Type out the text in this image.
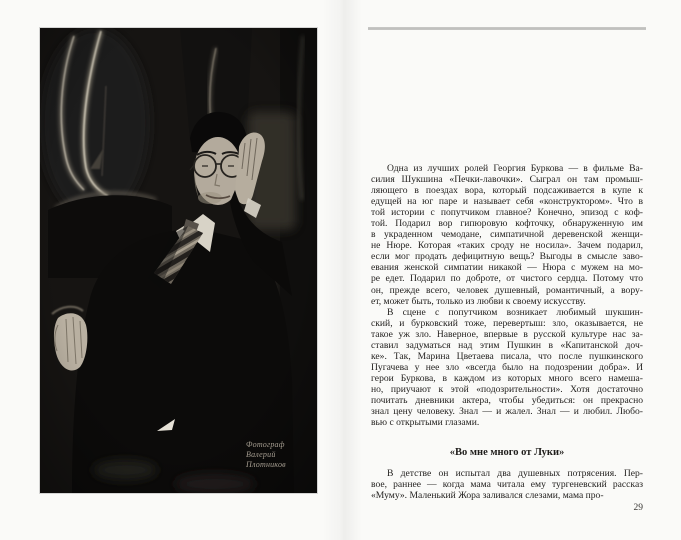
Фотограф
Валерий
Плотников
Одна из лучших ролей Георгия Буркова — в фильме Ва-
силия Шукшина «Печки-лавочки». Сыграл он там промыш-
ляющего в поездах вора, который подсаживается в купе к
едущей на юг паре и называет себя «конструктором». Что в
той истории с попутчиком главное? Конечно, эпизод с коф-
той. Подарил вор гипюровую кофточку, обнаруженную им
в украденном чемодане, симпатичной деревенской женщи-
не Нюре. Которая «таких сроду не носила». Зачем подарил,
если мог продать дефицитную вещь? Выгоды в смысле заво-
евания женской симпатии никакой — Нюра с мужем на мо-
ре едет. Подарил по доброте, от чистого сердца. Потому что
он, прежде всего, человек душевный, романтичный, а вору-
ет, может быть, только из любви к своему искусству.
В сцене с попутчиком возникает любимый шукшин-
ский, и бурковский тоже, перевертыш: зло, оказывается, не
такое уж зло. Наверное, впервые в русской культуре нас за-
ставил задуматься над этим Пушкин в «Капитанской доч-
ке». Так, Марина Цветаева писала, что после пушкинского
Пугачева у нее зло «всегда было на подозрении добра». И
герои Буркова, в каждом из которых много всего намеша-
но, приучают к этой «подозрительности». Хотя достаточно
почитать дневники актера, чтобы убедиться: он прекрасно
знал цену человеку. Знал — и жалел. Знал — и любил. Любо-
вью с открытыми глазами.
«Во мне много от Луки»
В детстве он испытал два душевных потрясения. Пер-
вое, раннее — когда мама читала ему тургеневский рассказ
«Муму». Маленький Жора заливался слезами, мама про-
29
